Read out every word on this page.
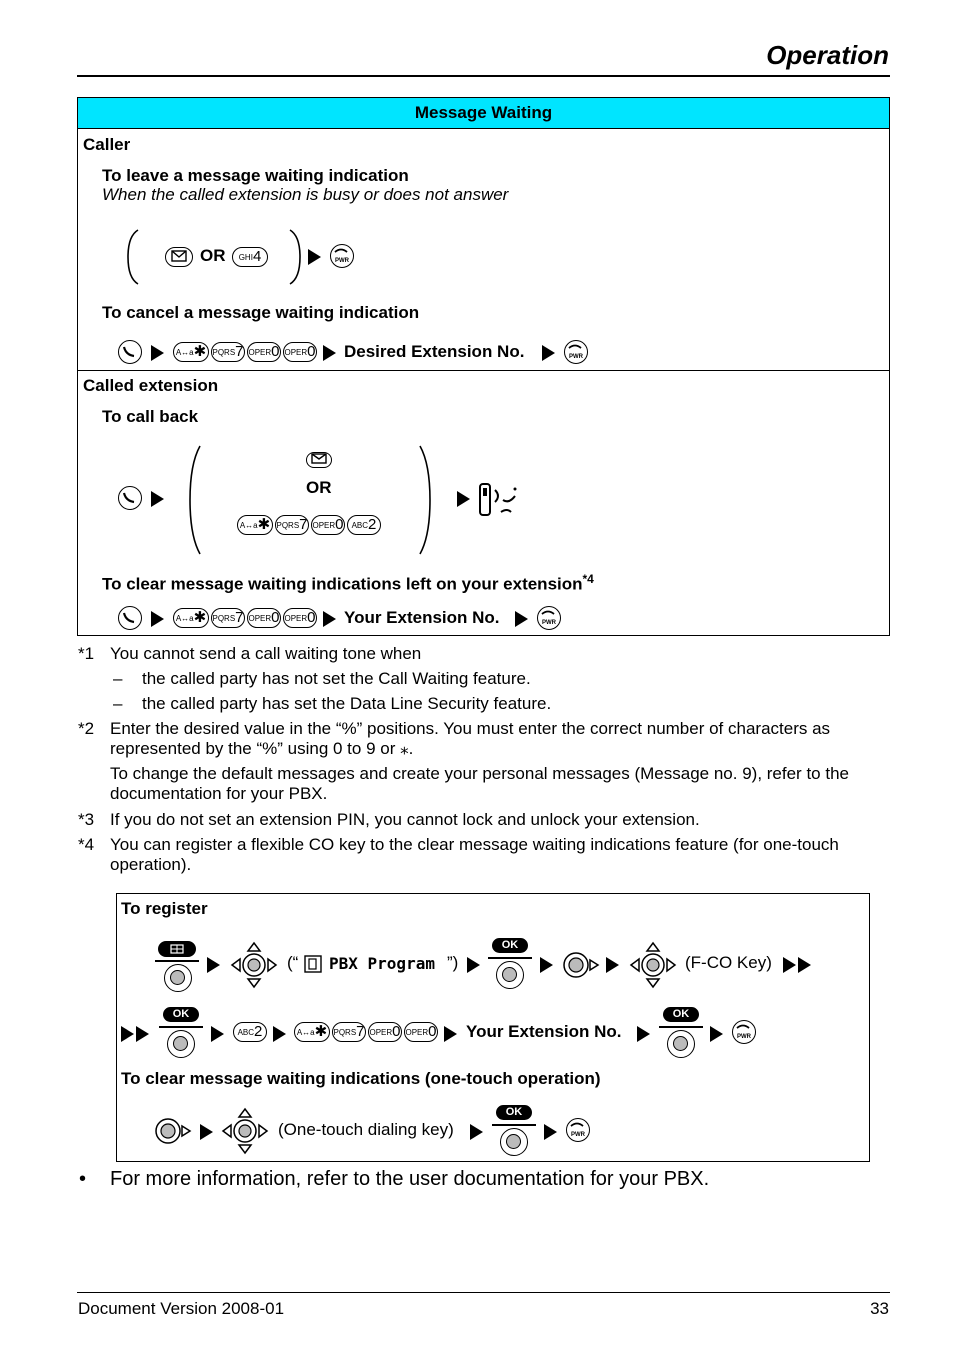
Operation
Message Waiting
Caller
To leave a message waiting indication
When the called extension is busy or does not answer
OR	GHI4	PWR
To cancel a message waiting indication
A↔a✱ PQRS7 OPER0 OPER0 Desired Extension No.	PWR
Called extension
To call back
OR
A↔a✱ PQRS7 OPER0	ABC2
To clear message waiting indications left on your extension$^{*4}$
A↔a✱ PQRS7 OPER0 OPER0 Your Extension No.	PWR
*1 You cannot send a call waiting tone when
– the called party has not set the Call Waiting feature.
– the called party has set the Data Line Security feature.
*2 Enter the desired value in the “%” positions. You must enter the correct number of characters as represented by the “%” using 0 to 9 or ⁎.
To change the default messages and create your personal messages (Message no. 9), refer to the documentation for your PBX.
*3 If you do not set an extension PIN, you cannot lock and unlock your extension.
*4 You can register a flexible CO key to the clear message waiting indications feature (for one-touch operation).
To register
(“ PBX Program ”)
OK
(F-CO Key)
OK
ABC2	A↔a✱ PQRS7 OPER0 OPER0 Your Extension No.
OK
PWR
To clear message waiting indications (one-touch operation)
(One-touch dialing key)
OK
PWR
• For more information, refer to the user documentation for your PBX.
Document Version 2008-01	33
